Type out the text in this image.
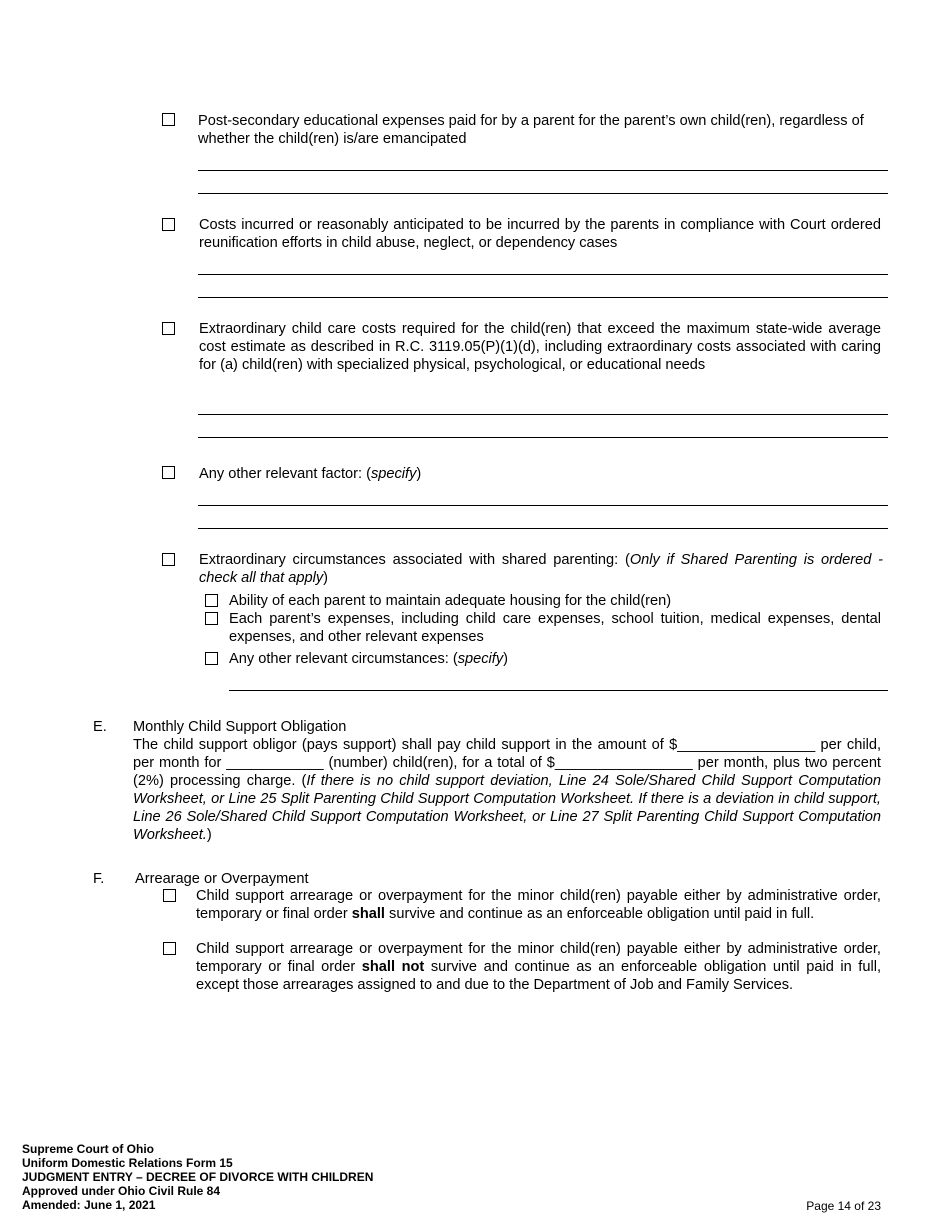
Post-secondary educational expenses paid for by a parent for the parent’s own child(ren), regardless of whether the child(ren) is/are emancipated
Costs incurred or reasonably anticipated to be incurred by the parents in compliance with Court ordered reunification efforts in child abuse, neglect, or dependency cases
Extraordinary child care costs required for the child(ren) that exceed the maximum state-wide average cost estimate as described in R.C. 3119.05(P)(1)(d), including extraordinary costs associated with caring for (a) child(ren) with specialized physical, psychological, or educational needs
Any other relevant factor: (specify)
Extraordinary circumstances associated with shared parenting: (Only if Shared Parenting is ordered - check all that apply)
Ability of each parent to maintain adequate housing for the child(ren)
Each parent’s expenses, including child care expenses, school tuition, medical expenses, dental expenses, and other relevant expenses
Any other relevant circumstances: (specify)
E. Monthly Child Support Obligation
The child support obligor (pays support) shall pay child support in the amount of $_________________ per child, per month for ____________ (number) child(ren), for a total of $_________________ per month, plus two percent (2%) processing charge. (If there is no child support deviation, Line 24 Sole/Shared Child Support Computation Worksheet, or Line 25 Split Parenting Child Support Computation Worksheet. If there is a deviation in child support, Line 26 Sole/Shared Child Support Computation Worksheet, or Line 27 Split Parenting Child Support Computation Worksheet.)
F. Arrearage or Overpayment
Child support arrearage or overpayment for the minor child(ren) payable either by administrative order, temporary or final order shall survive and continue as an enforceable obligation until paid in full.
Child support arrearage or overpayment for the minor child(ren) payable either by administrative order, temporary or final order shall not survive and continue as an enforceable obligation until paid in full, except those arrearages assigned to and due to the Department of Job and Family Services.
Supreme Court of Ohio
Uniform Domestic Relations Form 15
JUDGMENT ENTRY – DECREE OF DIVORCE WITH CHILDREN
Approved under Ohio Civil Rule 84
Amended: June 1, 2021	Page 14 of 23
